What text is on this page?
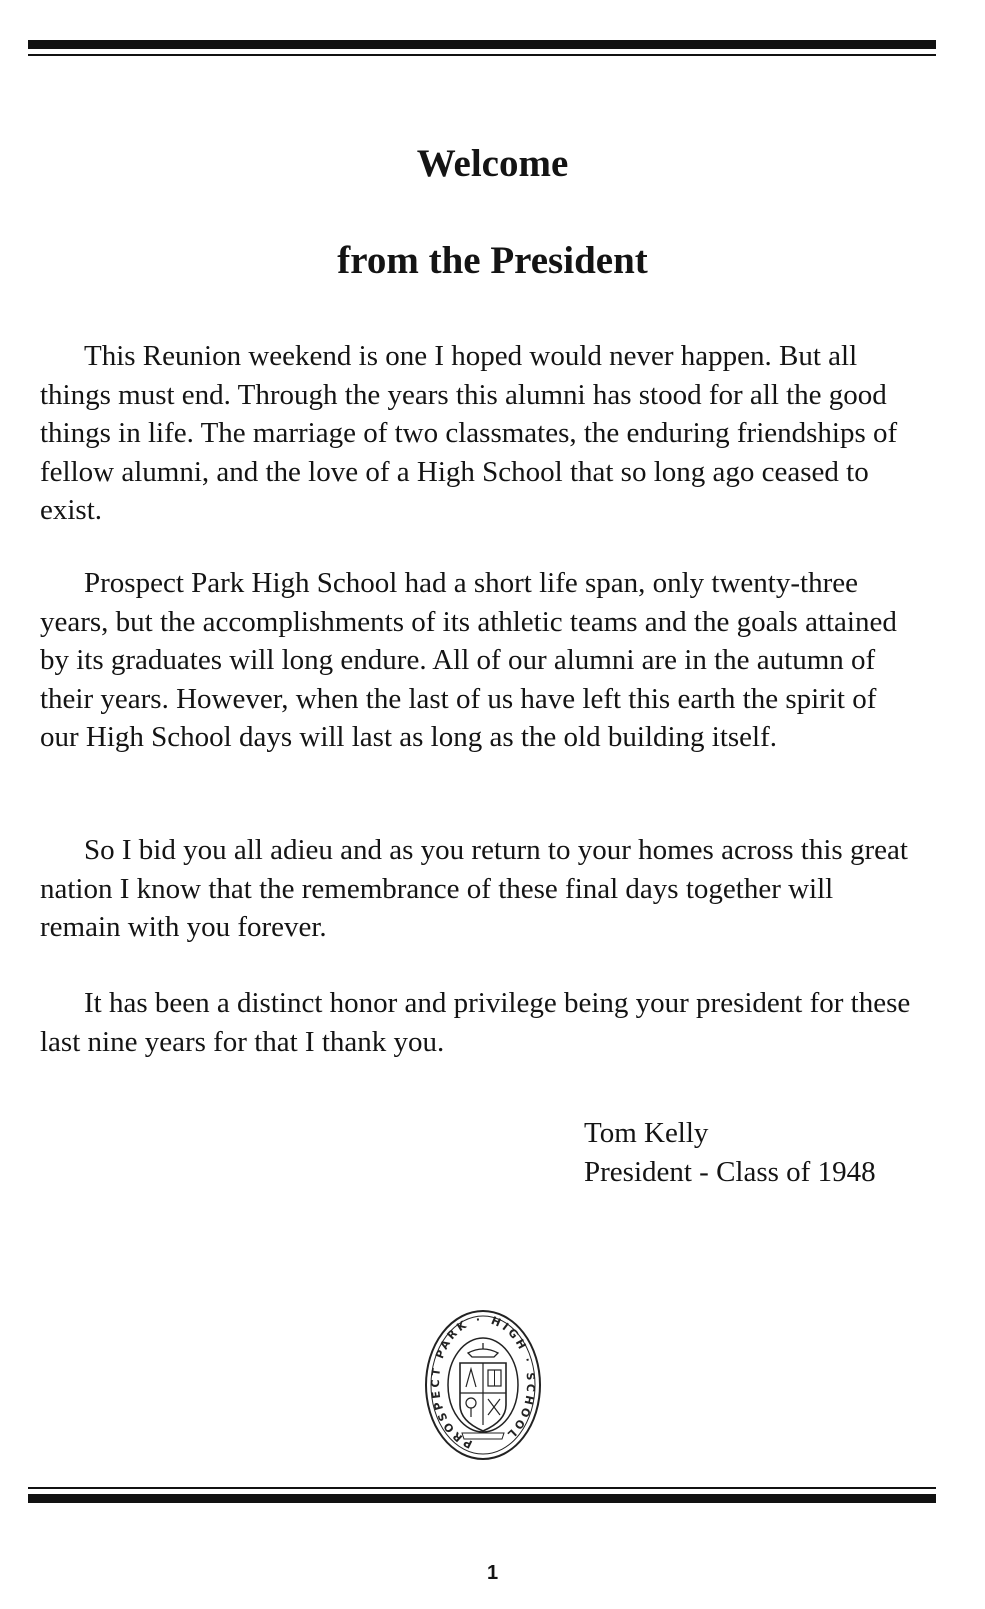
Welcome
from the President

This Reunion weekend is one I hoped would never happen. But all things must end. Through the years this alumni has stood for all the good things in life. The marriage of two classmates, the enduring friendships of fellow alumni, and the love of a High School that so long ago ceased to exist.

Prospect Park High School had a short life span, only twenty-three years, but the accomplishments of its athletic teams and the goals attained by its graduates will long endure. All of our alumni are in the autumn of their years. However, when the last of us have left this earth the spirit of our High School days will last as long as the old building itself.

So I bid you all adieu and as you return to your homes across this great nation I know that the remembrance of these final days together will remain with you forever.

It has been a distinct honor and privilege being your president for these last nine years for that I thank you.

Tom Kelly
President - Class of 1948
PROSPECT PARK · HIGH · SCHOOL
1
